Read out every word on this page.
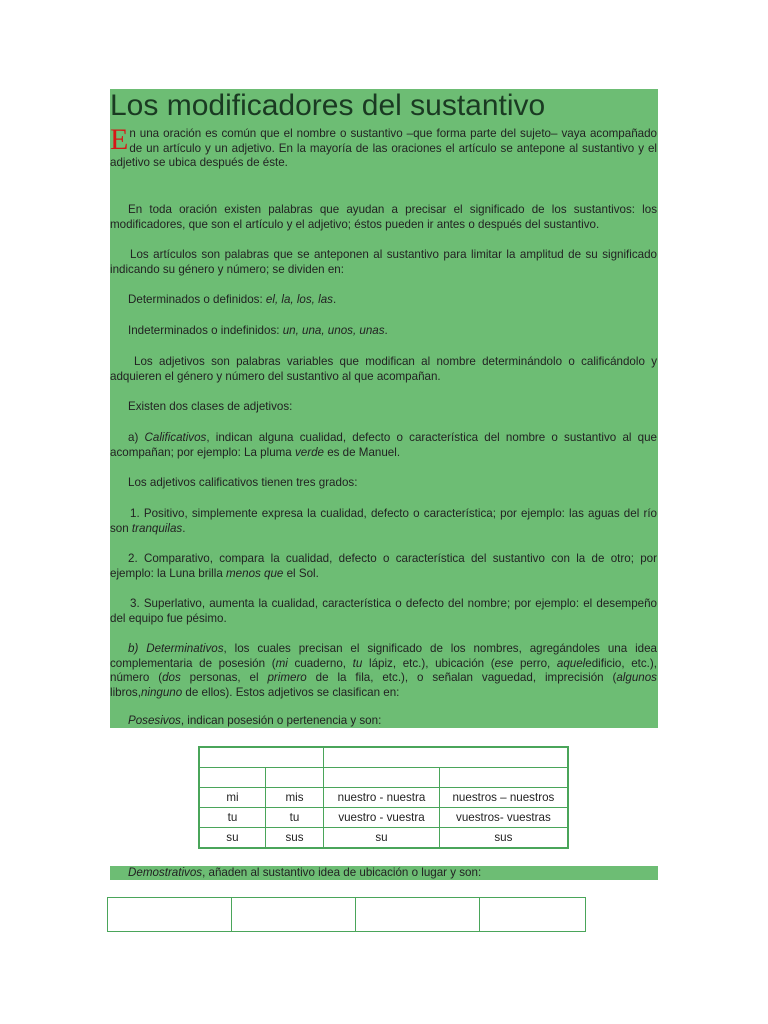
Los modificadores del sustantivo

En una oración es común que el nombre o sustantivo –que forma parte del sujeto– vaya acompañado de un artículo y un adjetivo. En la mayoría de las oraciones el artículo se antepone al sustantivo y el adjetivo se ubica después de éste.

En toda oración existen palabras que ayudan a precisar el significado de los sustantivos: los modificadores, que son el artículo y el adjetivo; éstos pueden ir antes o después del sustantivo.

Los artículos son palabras que se anteponen al sustantivo para limitar la amplitud de su significado indicando su género y número; se dividen en:

Determinados o definidos: el, la, los, las.

Indeterminados o indefinidos: un, una, unos, unas.

Los adjetivos son palabras variables que modifican al nombre determinándolo o calificándolo y adquieren el género y número del sustantivo al que acompañan.

Existen dos clases de adjetivos:

a) Calificativos, indican alguna cualidad, defecto o característica del nombre o sustantivo al que acompañan; por ejemplo: La pluma verde es de Manuel.

Los adjetivos calificativos tienen tres grados:

1. Positivo, simplemente expresa la cualidad, defecto o característica; por ejemplo: las aguas del río son tranquilas.

2. Comparativo, compara la cualidad, defecto o característica del sustantivo con la de otro; por ejemplo: la Luna brilla menos que el Sol.

3. Superlativo, aumenta la cualidad, característica o defecto del nombre; por ejemplo: el desempeño del equipo fue pésimo.

b) Determinativos, los cuales precisan el significado de los nombres, agregándoles una idea complementaria de posesión (mi cuaderno, tu lápiz, etc.), ubicación (ese perro, aqueledificio, etc.), número (dos personas, el primero de la fila, etc.), o señalan vaguedad, imprecisión (algunos libros,ninguno de ellos). Estos adjetivos se clasifican en:

Posesivos, indican posesión o pertenencia y son:

mi	mis	nuestro - nuestra	nuestros – nuestros
tu	tu	vuestro - vuestra	vuestros- vuestras
su	sus	su	sus

Demostrativos, añaden al sustantivo idea de ubicación o lugar y son:
